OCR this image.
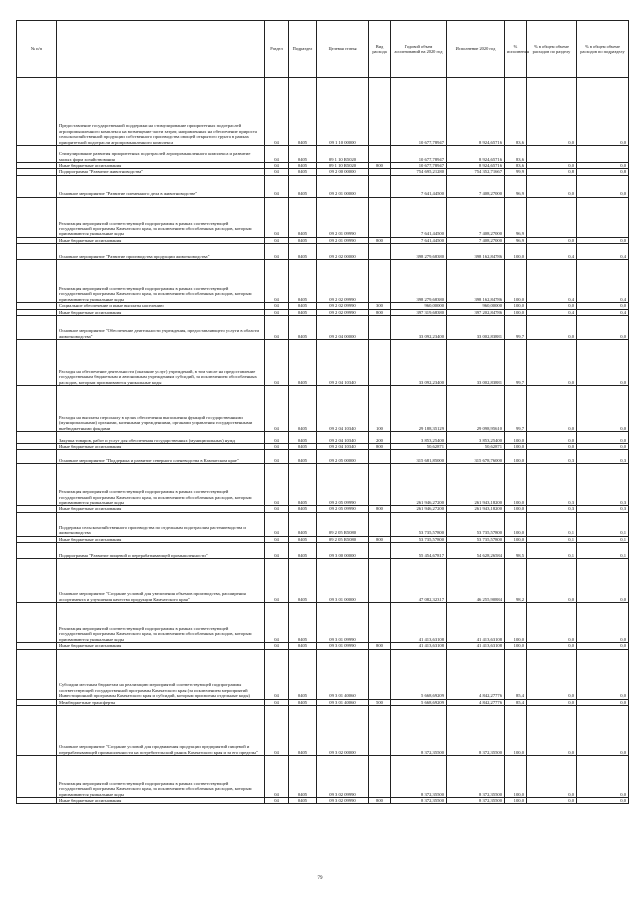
№ п/п		Раздел	Подраздел	Целевая статья	Вид расхода	Годовой объем ассигнований на 2020 год	Исполнение 2020 год	% исполнения	% в общем объеме расходов по разделу	% в общем объеме расходов по подразделу
	Предоставление государственной поддержки на стимулирование приоритетных подотраслей агропромышленного комплекса на возмещение части затрат, направленных на обеспечение прироста сельскохозяйственной продукции собственного производства овощей открытого грунта в рамках приоритетной подотрасли агропромышленного комплекса	04	0405	09 1 10 00000		10 677,78947	8 924,65716	83,6	0,0	0,0
	Стимулирование развития приоритетных подотраслей агропромышленного комплекса и развитие малых форм хозяйствования	04	0405	09 1 10 R5020		10 677,78947	8 924,65716	83,6		
	Иные бюджетные ассигнования	04	0405	09 1 10 R5020	800	10 677,78947	8 924,65716	83,6	0,0	0,0
	Подпрограмма "Развитие животноводства"	04	0405	09 2 00 00000		754 695,21280	754 352,71667	99,9	0,8	0,8
	Основное мероприятие "Развитие племенного дела в животноводстве"	04	0405	09 2 01 00000		7 641,44500	7 408,27000	96,9	0,0	0,0
	Реализация мероприятий соответствующей подпрограммы в рамках соответствующей государственной программы Камчатского края, за исключением обособленных расходов, которым присваиваются уникальные коды	04	0405	09 2 01 09990		7 641,44500	7 408,27000	96,9		
	Иные бюджетные ассигнования	04	0405	09 2 01 09990	800	7 641,44500	7 408,27000	96,9	0,0	0,0
	Основное мероприятие "Развитие производства продукции животноводства"	04	0405	09 2 02 00000		398 279,68380	398 162,84786	100,0	0,4	0,4
	Реализация мероприятий соответствующей подпрограммы в рамках соответствующей государственной программы Камчатского края, за исключением обособленных расходов, которым присваиваются уникальные коды	04	0405	09 2 02 09990		398 279,68380	398 162,84786	100,0	0,4	0,4
	Социальное обеспечение и иные выплаты населению	04	0405	09 2 02 09990	300	960,00000	960,00000	100,0	0,0	0,0
	Иные бюджетные ассигнования	04	0405	09 2 02 09990	800	397 319,68380	397 202,84786	100,0	0,4	0,4
	Основное мероприятие "Обеспечение деятельности учреждения, предоставляющего услуги в области животноводства"	04	0405	09 2 04 00000		33 092,23400	33 002,83881	99,7	0,0	0,0
	Расходы на обеспечение деятельности (оказание услуг) учреждений, в том числе на предоставление государственным бюджетным и автономным учреждениям субсидий, за исключением обособленных расходов, которым присваиваются уникальные коды	04	0405	09 2 04 10340		33 092,23400	33 002,83881	99,7	0,0	0,0
	Расходы на выплаты персоналу в целях обеспечения выполнения функций государственными (муниципальными) органами, казенными учреждениями, органами управления государственными внебюджетными фондами	04	0405	09 2 04 10340	100	29 188,35129	29 098,95610	99,7	0,0	0,0
	Закупка товаров, работ и услуг для обеспечения государственных (муниципальных) нужд	04	0405	09 2 04 10340	200	3 853,25400	3 853,25400	100,0	0,0	0,0
	Иные бюджетные ассигнования	04	0405	09 2 04 10340	800	50,62871	50,62871	100,0	0,0	0,0
	Основное мероприятие "Поддержка и развитие северного оленеводства в Камчатском крае"	04	0405	09 2 05 00000		315 681,85000	315 678,76000	100,0	0,3	0,3
	Реализация мероприятий соответствующей подпрограммы в рамках соответствующей государственной программы Камчатского края, за исключением обособленных расходов, которым присваиваются уникальные коды	04	0405	09 2 05 09990		261 946,27200	261 943,18200	100,0	0,3	0,3
	Иные бюджетные ассигнования	04	0405	09 2 05 09990	800	261 946,27200	261 943,18200	100,0	0,3	0,3
	Поддержка сельскохозяйственного производства по отдельным подотраслям растениеводства и животноводства	04	0405	09 2 05 R5080		53 735,57800	53 735,57800	100,0	0,1	0,1
	Иные бюджетные ассигнования	04	0405	09 2 05 R5080	800	53 735,57800	53 735,57800	100,0	0,1	0,1
	Подпрограмма "Развитие пищевой и перерабатывающей промышленности"	04	0405	09 3 00 00000		55 454,67817	54 628,26584	98,5	0,1	0,1
	Основное мероприятие "Создание условий для увеличения объемов производства, расширения ассортимента и улучшения качества продукции Камчатского края"	04	0405	09 3 01 00000		47 082,32317	46 255,90884	98,2	0,0	0,0
	Реализация мероприятий соответствующей подпрограммы в рамках соответствующей государственной программы Камчатского края, за исключением обособленных расходов, которым присваиваются уникальные коды	04	0405	09 3 01 09990		41 413,63108	41 413,63108	100,0	0,0	0,0
	Иные бюджетные ассигнования	04	0405	09 3 01 09990	800	41 413,63108	41 413,63108	100,0	0,0	0,0
	Субсидии местным бюджетам на реализацию мероприятий соответствующей подпрограммы соответствующей государственной программы Камчатского края (за исключением мероприятий Инвестиционной программы Камчатского края и субсидий, которым присвоены отдельные коды)	04	0405	09 3 01 40060		5 668,69209	4 842,27776	85,4	0,0	0,0
	Межбюджетные трансферты	04	0405	09 3 01 40060	500	5 668,69209	4 842,27776	85,4	0,0	0,0
	Основное мероприятие "Создание условий для продвижения продукции предприятий пищевой и перерабатывающей промышленности на потребительский рынок Камчатского края и за его пределы"	04	0405	09 3 02 00000		8 372,35500	8 372,35500	100,0	0,0	0,0
	Реализация мероприятий соответствующей подпрограммы в рамках соответствующей государственной программы Камчатского края, за исключением обособленных расходов, которым присваиваются уникальные коды	04	0405	09 3 02 09990		8 372,35500	8 372,35500	100,0	0,0	0,0
	Иные бюджетные ассигнования	04	0405	09 3 02 09990	800	8 372,35500	8 372,35500	100,0	0,0	0,0
79
